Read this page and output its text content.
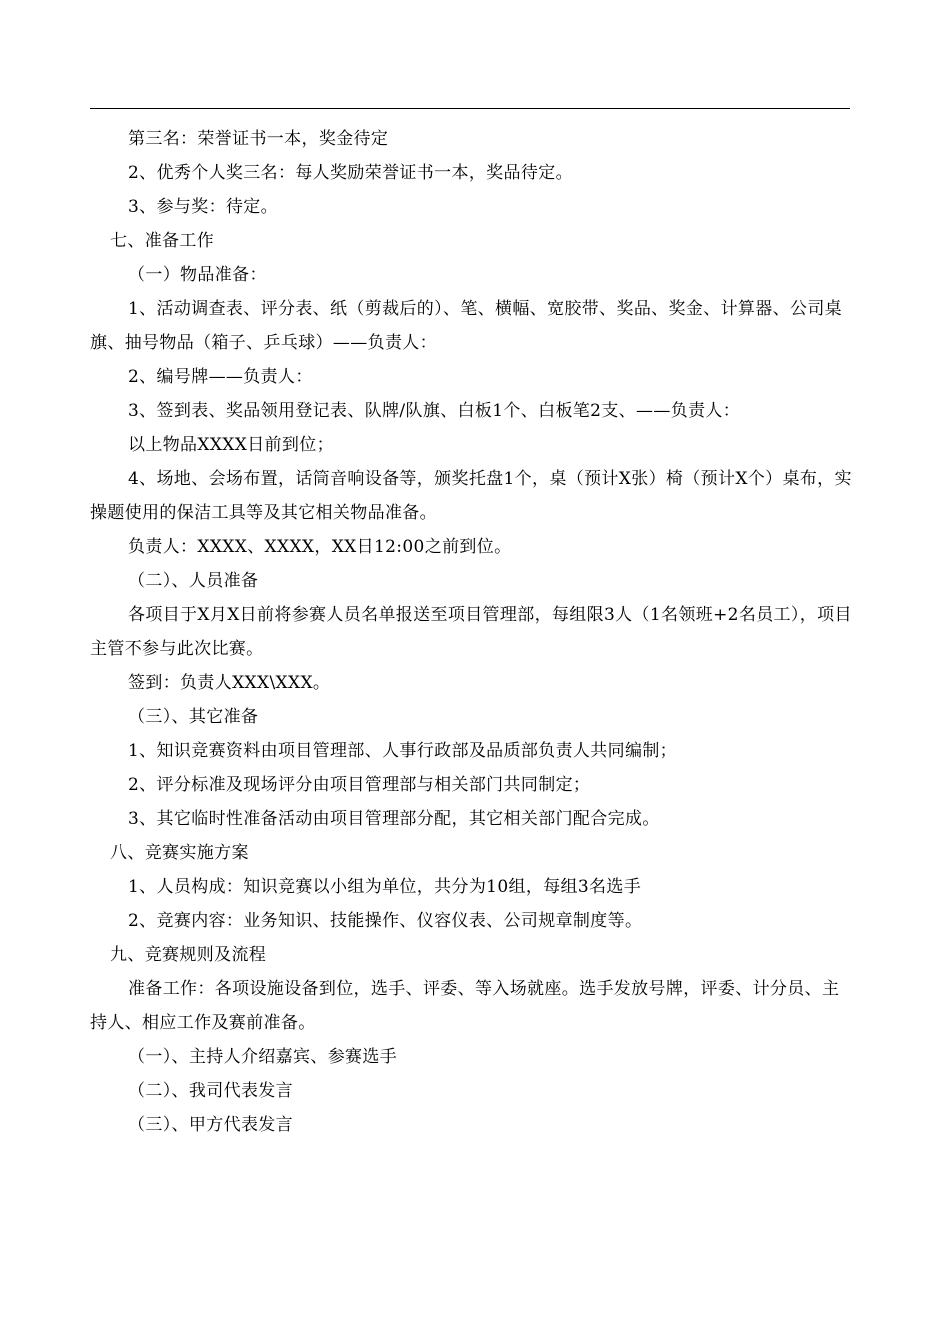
第三名：荣誉证书一本，奖金待定

2、优秀个人奖三名：每人奖励荣誉证书一本，奖品待定。

3、参与奖：待定。

七、准备工作

（一）物品准备：

1、活动调查表、评分表、纸（剪裁后的）、笔、横幅、宽胶带、奖品、奖金、计算器、公司桌旗、抽号物品（箱子、乒乓球）——负责人：

2、编号牌——负责人：

3、签到表、奖品领用登记表、队牌/队旗、白板1个、白板笔2支、——负责人：

以上物品XXXX日前到位；

4、场地、会场布置，话筒音响设备等，颁奖托盘1个，桌（预计X张）椅（预计X个）桌布，实操题使用的保洁工具等及其它相关物品准备。

负责人：XXXX、XXXX，XX日12:00之前到位。

（二）、人员准备

各项目于X月X日前将参赛人员名单报送至项目管理部，每组限3人（1名领班+2名员工），项目主管不参与此次比赛。

签到：负责人XXX\XXX。

（三）、其它准备

1、知识竞赛资料由项目管理部、人事行政部及品质部负责人共同编制；

2、评分标准及现场评分由项目管理部与相关部门共同制定；

3、其它临时性准备活动由项目管理部分配，其它相关部门配合完成。

八、竞赛实施方案

1、人员构成：知识竞赛以小组为单位，共分为10组，每组3名选手

2、竞赛内容：业务知识、技能操作、仪容仪表、公司规章制度等。

九、竞赛规则及流程

准备工作：各项设施设备到位，选手、评委、等入场就座。选手发放号牌，评委、计分员、主持人、相应工作及赛前准备。

（一）、主持人介绍嘉宾、参赛选手

（二）、我司代表发言

（三）、甲方代表发言
